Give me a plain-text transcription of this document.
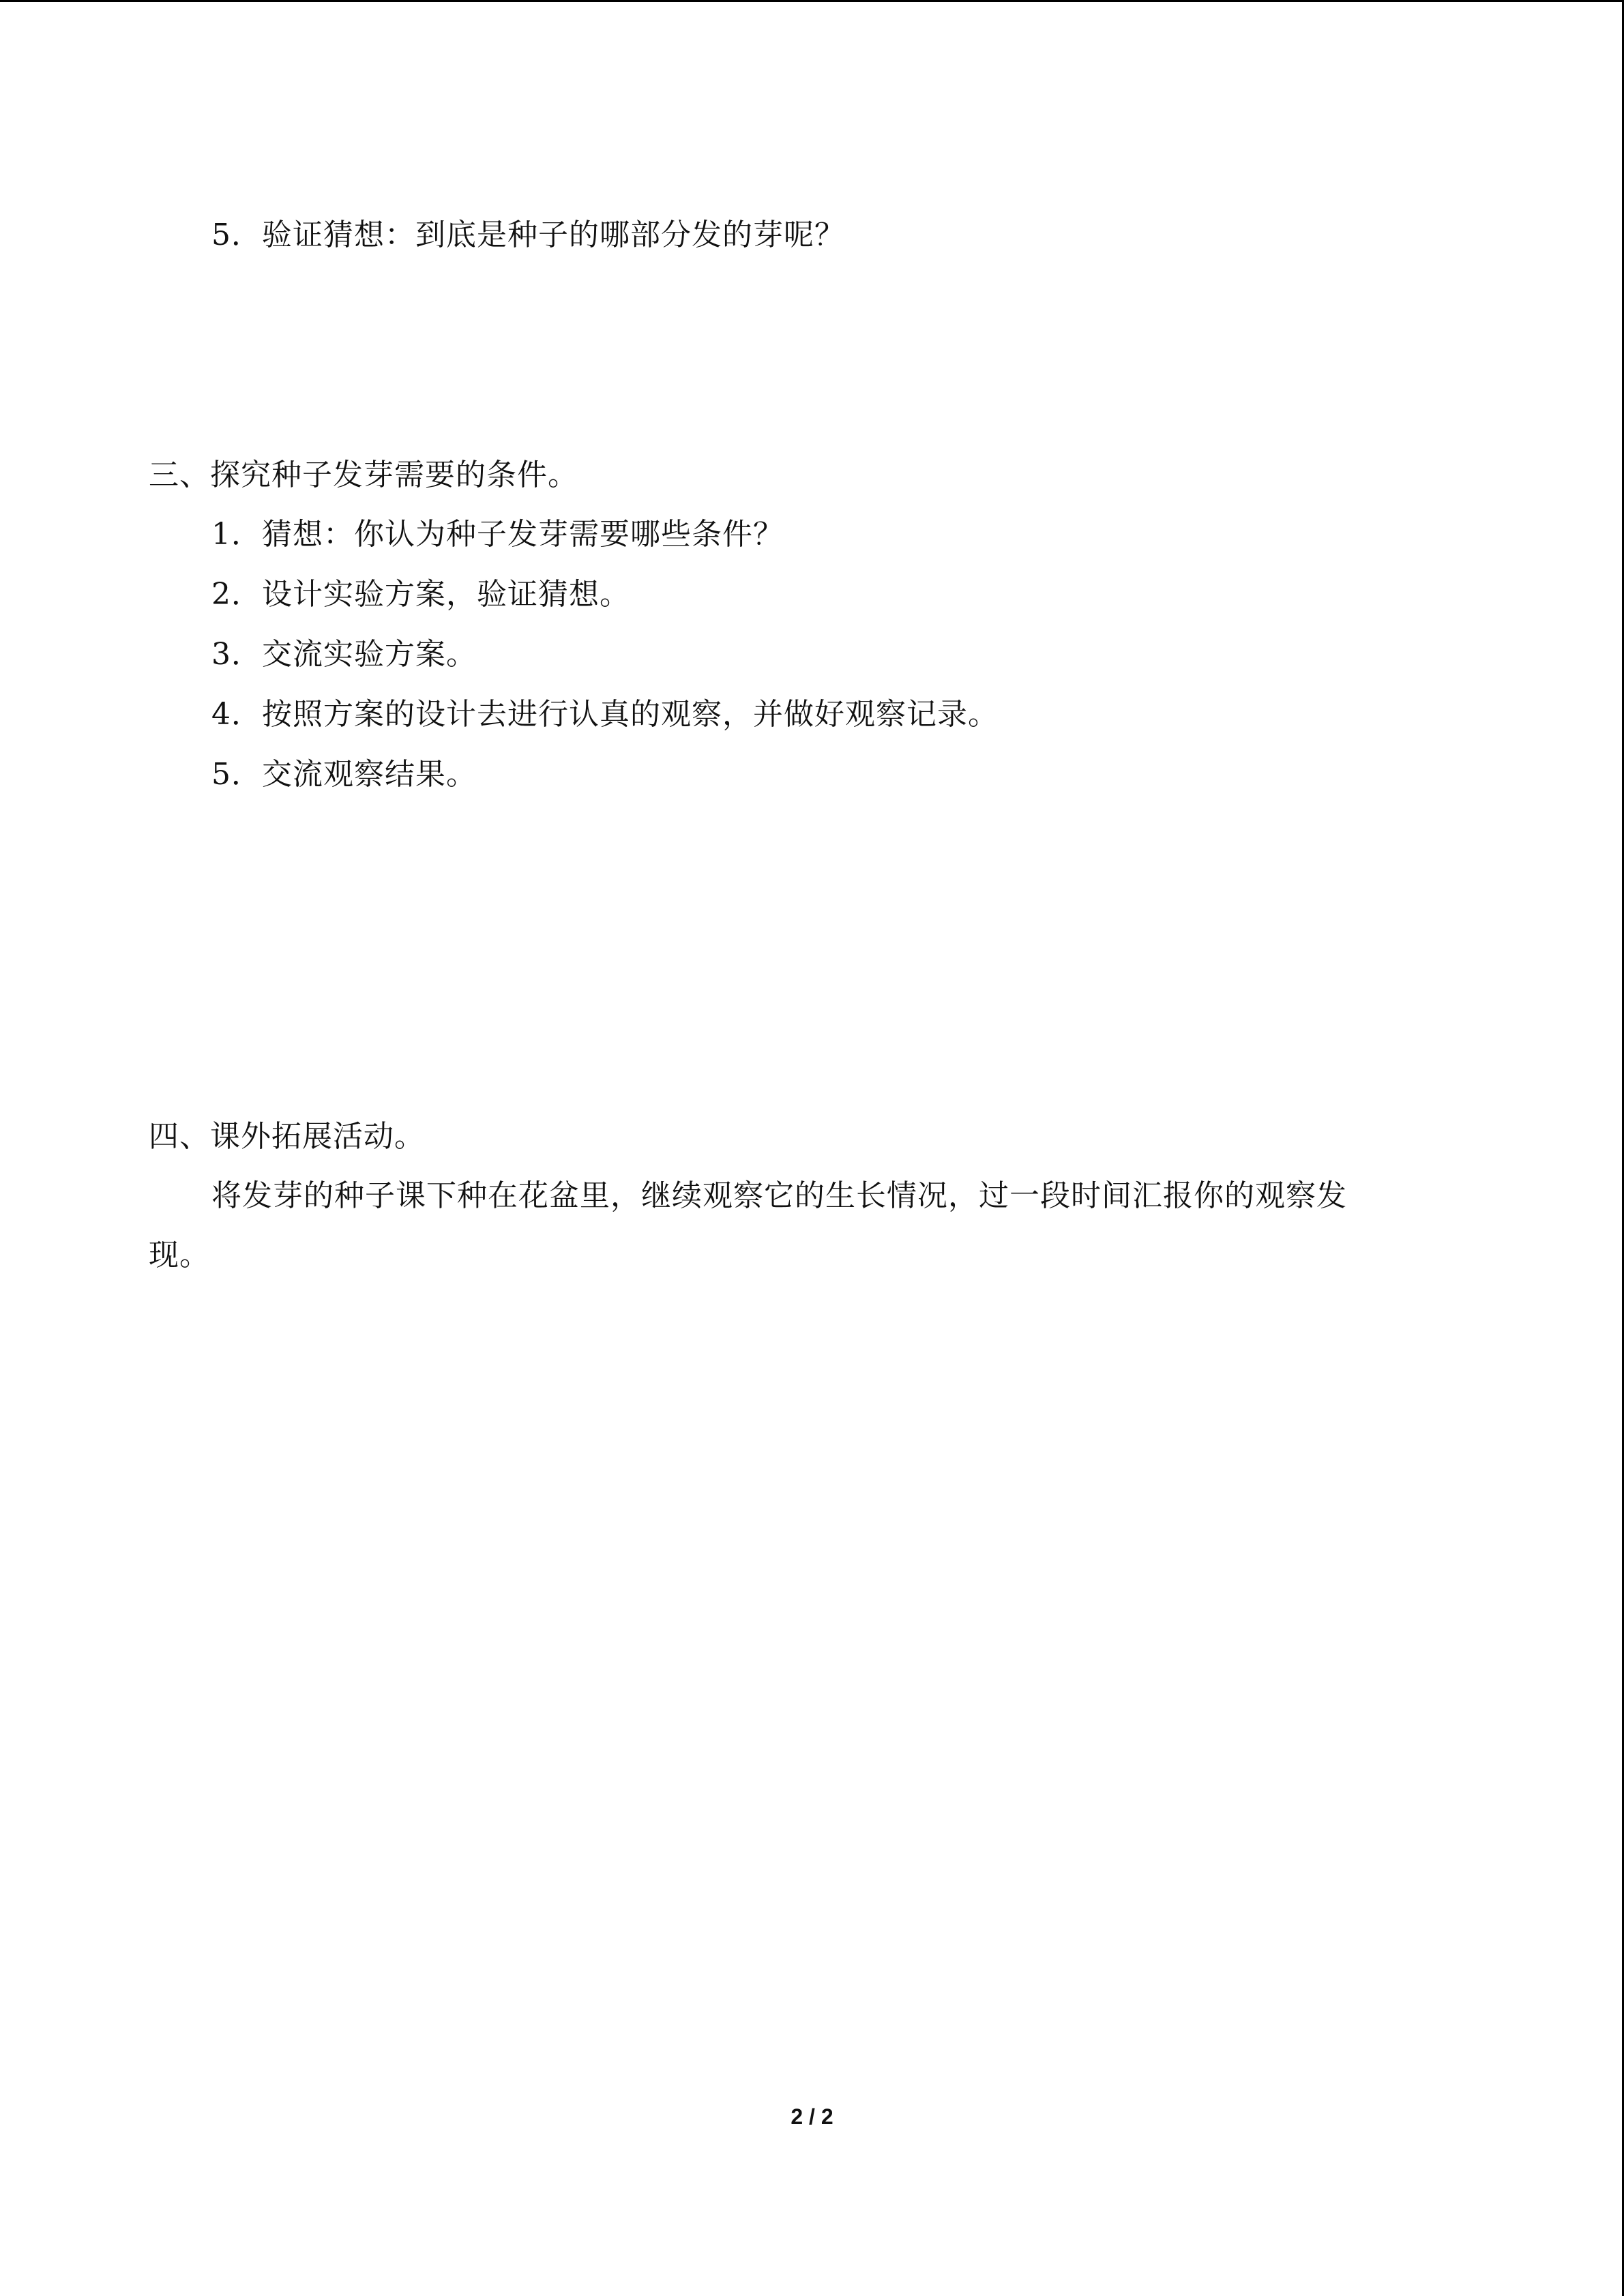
5．验证猜想：到底是种子的哪部分发的芽呢？
三、探究种子发芽需要的条件。
1．猜想：你认为种子发芽需要哪些条件？
2．设计实验方案，验证猜想。
3．交流实验方案。
4．按照方案的设计去进行认真的观察，并做好观察记录。
5．交流观察结果。
四、课外拓展活动。
将发芽的种子课下种在花盆里，继续观察它的生长情况，过一段时间汇报你的观察发
现。
2 / 2
